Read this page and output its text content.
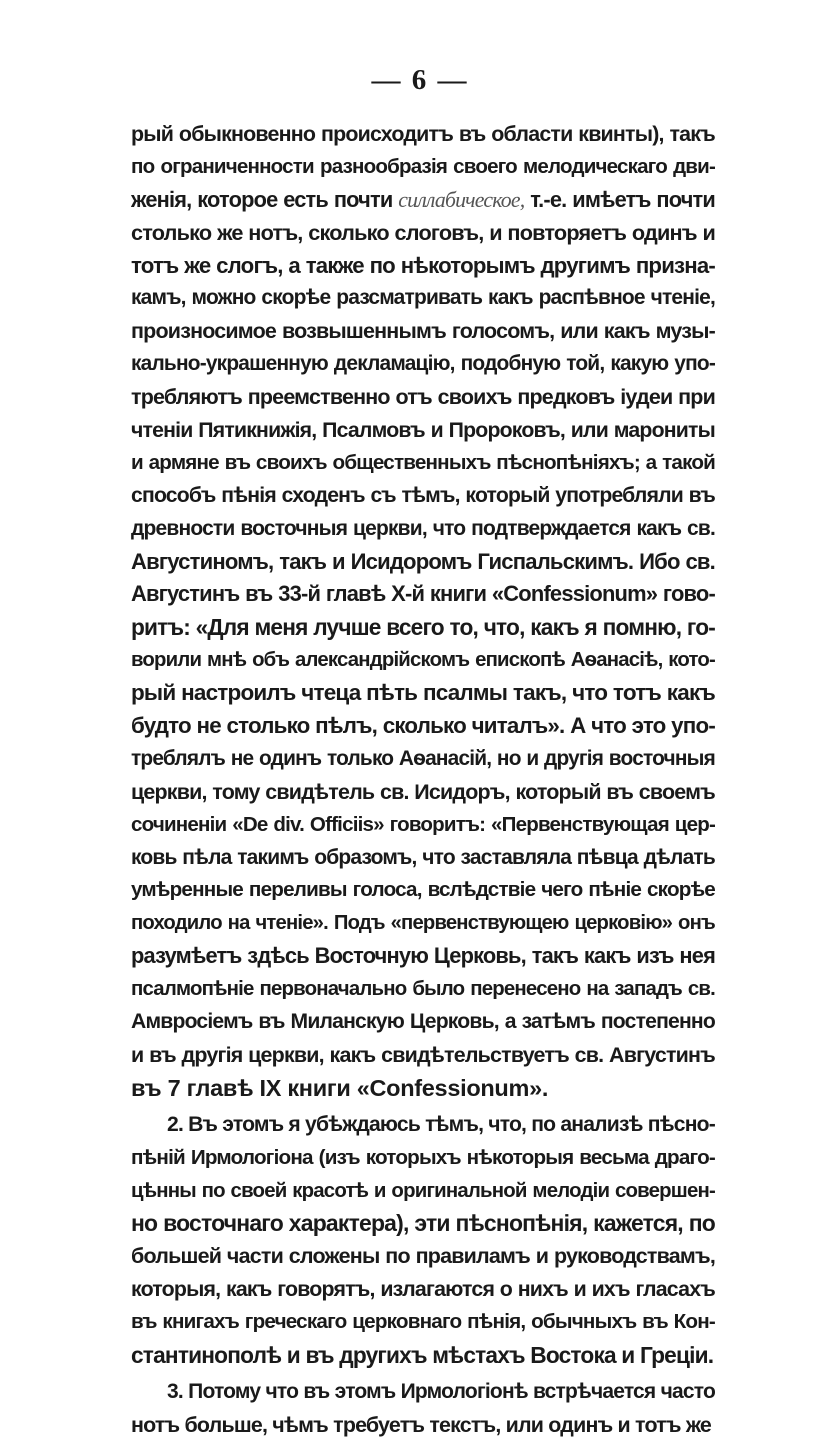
— 6 —
рый обыкновенно происходитъ въ области квинты), такъ
по ограниченности разнообразія своего мелодическаго дви-
женія, которое есть почти силлабическое, т.-е. имѣетъ почти
столько же нотъ, сколько слоговъ, и повторяетъ одинъ и
тотъ же слогъ, а также по нѣкоторымъ другимъ призна-
камъ, можно скорѣе разсматривать какъ распѣвное чтеніе,
произносимое возвышеннымъ голосомъ, или какъ музы-
кально-украшенную декламацію, подобную той, какую упо-
требляютъ преемственно отъ своихъ предковъ іудеи при
чтеніи Пятикнижія, Псалмовъ и Пророковъ, или марониты
и армяне въ своихъ общественныхъ пѣснопѣніяхъ; а такой
способъ пѣнія сходенъ съ тѣмъ, который употребляли въ
древности восточныя церкви, что подтверждается какъ св.
Августиномъ, такъ и Исидоромъ Гиспальскимъ. Ибо св.
Августинъ въ 33-й главѣ Х-й книги «Confessionum» гово-
ритъ: «Для меня лучше всего то, что, какъ я помню, го-
ворили мнѣ объ александрійскомъ епископѣ Аѳанасіѣ, кото-
рый настроилъ чтеца пѣть псалмы такъ, что тотъ какъ
будто не столько пѣлъ, сколько читалъ». А что это упо-
треблялъ не одинъ только Аѳанасій, но и другія восточныя
церкви, тому свидѣтель св. Исидоръ, который въ своемъ
сочиненіи «De div. Officiis» говоритъ: «Первенствующая цер-
ковь пѣла такимъ образомъ, что заставляла пѣвца дѣлать
умѣренные переливы голоса, вслѣдствіе чего пѣніе скорѣе
походило на чтеніе». Подъ «первенствующею церковію» онъ
разумѣетъ здѣсь Восточную Церковь, такъ какъ изъ нея
псалмопѣніе первоначально было перенесено на западъ св.
Амвросіемъ въ Миланскую Церковь, а затѣмъ постепенно
и въ другія церкви, какъ свидѣтельствуетъ св. Августинъ
въ 7 главѣ IX книги «Confessionum».
2. Въ этомъ я убѣждаюсь тѣмъ, что, по анализѣ пѣсно-
пѣній Ирмологіона (изъ которыхъ нѣкоторыя весьма драго-
цѣнны по своей красотѣ и оригинальной мелодіи совершен-
но восточнаго характера), эти пѣснопѣнія, кажется, по
большей части сложены по правиламъ и руководствамъ,
которыя, какъ говорятъ, излагаются о нихъ и ихъ гласахъ
въ книгахъ греческаго церковнаго пѣнія, обычныхъ въ Кон-
стантинополѣ и въ другихъ мѣстахъ Востока и Греціи.
3. Потому что въ этомъ Ирмологіонѣ встрѣчается часто
нотъ больше, чѣмъ требуетъ текстъ, или одинъ и тотъ же
